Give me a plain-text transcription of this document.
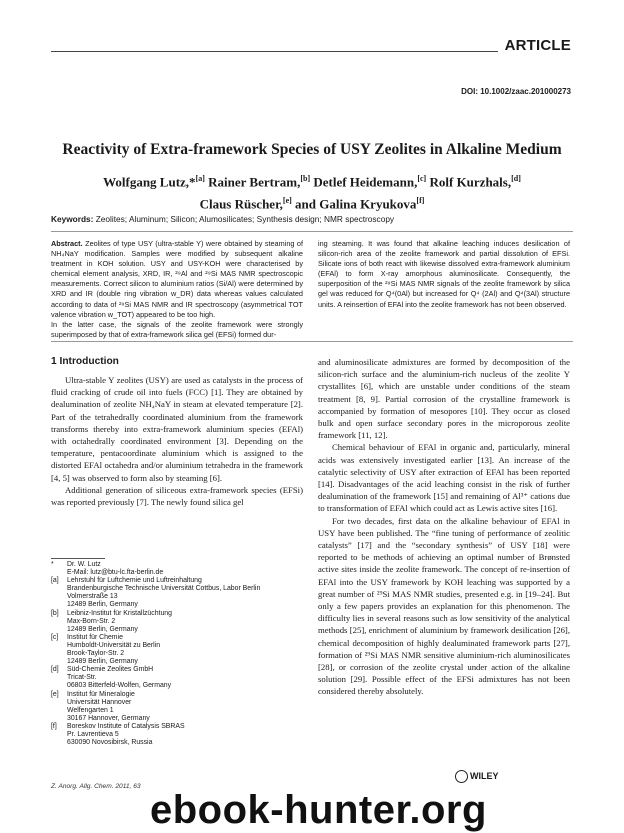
ARTICLE
DOI: 10.1002/zaac.201000273
Reactivity of Extra-framework Species of USY Zeolites in Alkaline Medium
Wolfgang Lutz,*[a] Rainer Bertram,[b] Detlef Heidemann,[c] Rolf Kurzhals,[d]
Claus Rüscher,[e] and Galina Kryukova[f]
Keywords: Zeolites; Aluminum; Silicon; Alumosilicates; Synthesis design; NMR spectroscopy

Abstract. Zeolites of type USY (ultra-stable Y) were obtained by steaming of NH₄NaY modification. Samples were modified by subsequent alkaline treatment in KOH solution. USY and USY-KOH were characterised by chemical element analysis, XRD, IR, ²⁹Al and ²⁹Si MAS NMR spectroscopic measurements. Correct silicon to aluminium ratios (Si/Al) were determined by XRD and IR (double ring vibration w_DR) data whereas values calculated according to data of ²⁹Si MAS NMR and IR spectroscopy (asymmetrical TOT valence vibration w_TOT) appeared to be too high.

In the latter case, the signals of the zeolite framework were strongly superimposed by that of extra-framework silica gel (EFSi) formed dur-

ing steaming. It was found that alkaline leaching induces desilication of silicon-rich area of the zeolite framework and partial dissolution of EFSi. Silicate ions of both react with likewise dissolved extra-framework aluminium (EFAl) to form X-ray amorphous aluminosilicate. Consequently, the superposition of the ²⁹Si MAS NMR signals of the zeolite framework by silica gel was reduced for Q⁴(0Al) but increased for Q⁴ (2Al) and Q⁴(3Al) structure units. A reinsertion of EFAl into the zeolite framework has not been observed.

1 Introduction

Ultra-stable Y zeolites (USY) are used as catalysts in the process of fluid cracking of crude oil into fuels (FCC) [1]. They are obtained by dealumination of zeolite NH₄NaY in steam at elevated temperature [2]. Part of the tetrahedrally coordinated aluminium from the framework transforms thereby into extra-framework aluminium species (EFAl) with octahedrally coordinated environment [3]. Depending on the temperature, pentacoordinate aluminium which is assigned to the distorted EFAl octahedra and/or aluminium tetrahedra in the framework [4, 5] was observed to form also by steaming [6].

Additional generation of siliceous extra-framework species (EFSi) was reported previously [7]. The newly found silica gel

and aluminosilicate admixtures are formed by decomposition of the silicon-rich surface and the aluminium-rich nucleus of the zeolite Y crystallites [6], which are unstable under conditions of the steam treatment [8, 9]. Partial corrosion of the crystalline framework is accompanied by formation of mesopores [10]. They occur as closed bulk and open surface secondary pores in the microporous zeolite framework [11, 12].

Chemical behaviour of EFAl in organic and, particularly, mineral acids was extensively investigated earlier [13]. An increase of the catalytic selectivity of USY after extraction of EFAl has been reported [14]. Disadvantages of the acid leaching consist in the risk of further dealumination of the framework [15] and remaining of Al³⁺ cations due to transformation of EFAl which could act as Lewis active sites [16].

For two decades, first data on the alkaline behaviour of EFAl in USY have been published. The “fine tuning of performance of zeolitic catalysts” [17] and the “secondary synthesis” of USY [18] were reported to be methods of achieving an optimal number of Brønsted active sites inside the zeolite framework. The concept of re-insertion of EFAl into the USY framework by KOH leaching was supported by a great number of ²⁹Si MAS NMR studies, presented e.g. in [19–24]. But only a few papers provides an explanation for this phenomenon. The difficulty lies in several reasons such as low sensitivity of the analytical methods [25], enrichment of aluminium by framework desilication [26], chemical decomposition of highly dealuminated framework parts [27], formation of ²⁹Si MAS NMR sensitive aluminium-rich aluminosilicates [28], or corrosion of the zeolite crystal under action of the alkaline solution [29]. Possible effect of the EFSi admixtures has not been considered thereby absolutely.

*	Dr. W. Lutz
E-Mail: lutz@btu-lc.fta-berlin.de
[a]	Lehrstuhl für Luftchemie und Luftreinhaltung
Brandenburgische Technische Universität Cottbus, Labor Berlin
Volmerstraße 13
12489 Berlin, Germany
[b]	Leibniz-Institut für Kristallzüchtung
Max-Born-Str. 2
12489 Berlin, Germany
[c]	Institut für Chemie
Humboldt-Universität zu Berlin
Brook-Taylor-Str. 2
12489 Berlin, Germany
[d]	Süd-Chemie Zeolites GmbH
Tricat-Str.
06803 Bitterfeld-Wolfen, Germany
[e]	Institut für Mineralogie
Universität Hannover
Welfengarten 1
30167 Hannover, Germany
[f]	Boreskov Institute of Catalysis SBRAS
Pr. Lavrentieva 5
630090 Novosibirsk, Russia
Z. Anorg. Allg. Chem. 2011, 63
WILEY
ebook-hunter.org
